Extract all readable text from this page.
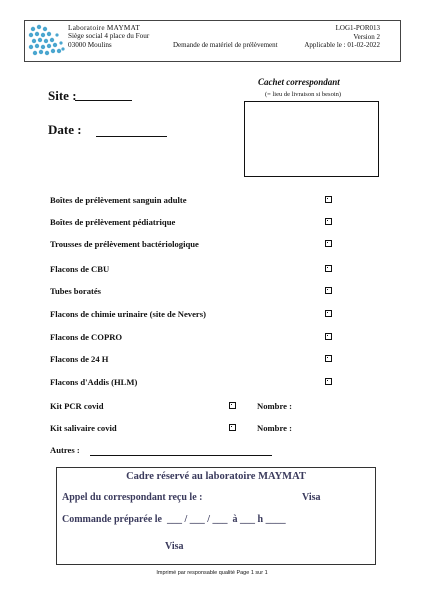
Laboratoire MAYMAT
Siège social 4 place du Four
03000 Moulins	Demande de matériel de prélèvement
LOG1-POR013
Version 2
Applicable le : 01-02-2022
Site :
Date :
Cachet correspondant
(= lieu de livraison si besoin)
Boîtes de prélèvement sanguin adulte
Boîtes de prélèvement pédiatrique
Trousses de prélèvement bactériologique
Flacons de CBU
Tubes boratés
Flacons de chimie urinaire (site de Nevers)
Flacons de COPRO
Flacons de 24 H
Flacons d'Addis (HLM)
Kit PCR covid	Nombre :
Kit salivaire covid	Nombre :
Autres :
Cadre réservé au laboratoire MAYMAT
Appel du correspondant reçu le :	Visa
Commande préparée le  ___ / ___ / ___  à ___ h ____
Visa
Imprimé par responsable qualité Page 1 sur 1
